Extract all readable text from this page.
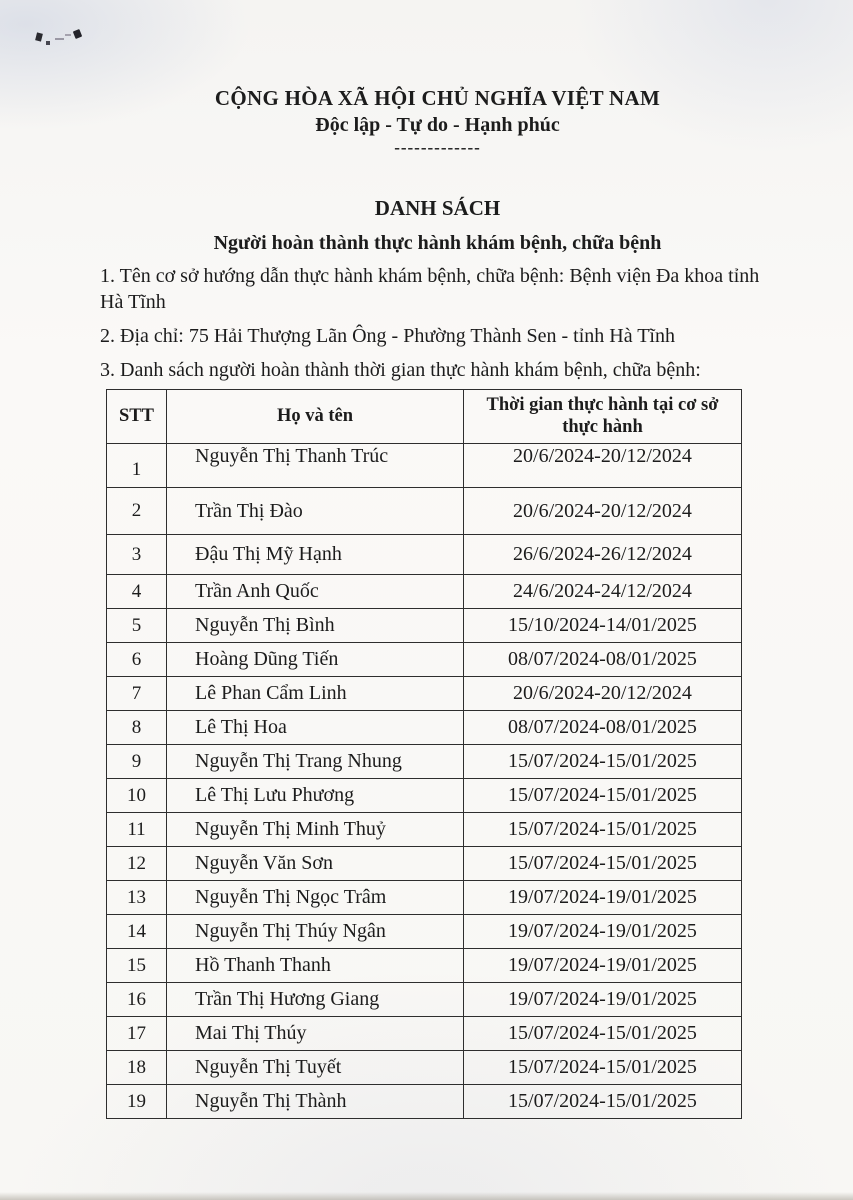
CỘNG HÒA XÃ HỘI CHỦ NGHĨA VIỆT NAM
Độc lập - Tự do - Hạnh phúc
-------------
DANH SÁCH
Người hoàn thành thực hành khám bệnh, chữa bệnh

1. Tên cơ sở hướng dẫn thực hành khám bệnh, chữa bệnh: Bệnh viện Đa khoa tỉnh Hà Tĩnh

2. Địa chỉ: 75 Hải Thượng Lãn Ông - Phường Thành Sen - tỉnh Hà Tĩnh

3. Danh sách người hoàn thành thời gian thực hành khám bệnh, chữa bệnh:

STT	Họ và tên	Thời gian thực hành tại cơ sở thực hành
1	Nguyễn Thị Thanh Trúc	20/6/2024-20/12/2024
2	Trần Thị Đào	20/6/2024-20/12/2024
3	Đậu Thị Mỹ Hạnh	26/6/2024-26/12/2024
4	Trần Anh Quốc	24/6/2024-24/12/2024
5	Nguyễn Thị Bình	15/10/2024-14/01/2025
6	Hoàng Dũng Tiến	08/07/2024-08/01/2025
7	Lê Phan Cẩm Linh	20/6/2024-20/12/2024
8	Lê Thị Hoa	08/07/2024-08/01/2025
9	Nguyễn Thị Trang Nhung	15/07/2024-15/01/2025
10	Lê Thị Lưu Phương	15/07/2024-15/01/2025
11	Nguyễn Thị Minh Thuỷ	15/07/2024-15/01/2025
12	Nguyễn Văn Sơn	15/07/2024-15/01/2025
13	Nguyễn Thị Ngọc Trâm	19/07/2024-19/01/2025
14	Nguyễn Thị Thúy Ngân	19/07/2024-19/01/2025
15	Hồ Thanh Thanh	19/07/2024-19/01/2025
16	Trần Thị Hương Giang	19/07/2024-19/01/2025
17	Mai Thị Thúy	15/07/2024-15/01/2025
18	Nguyễn Thị Tuyết	15/07/2024-15/01/2025
19	Nguyễn Thị Thành	15/07/2024-15/01/2025
